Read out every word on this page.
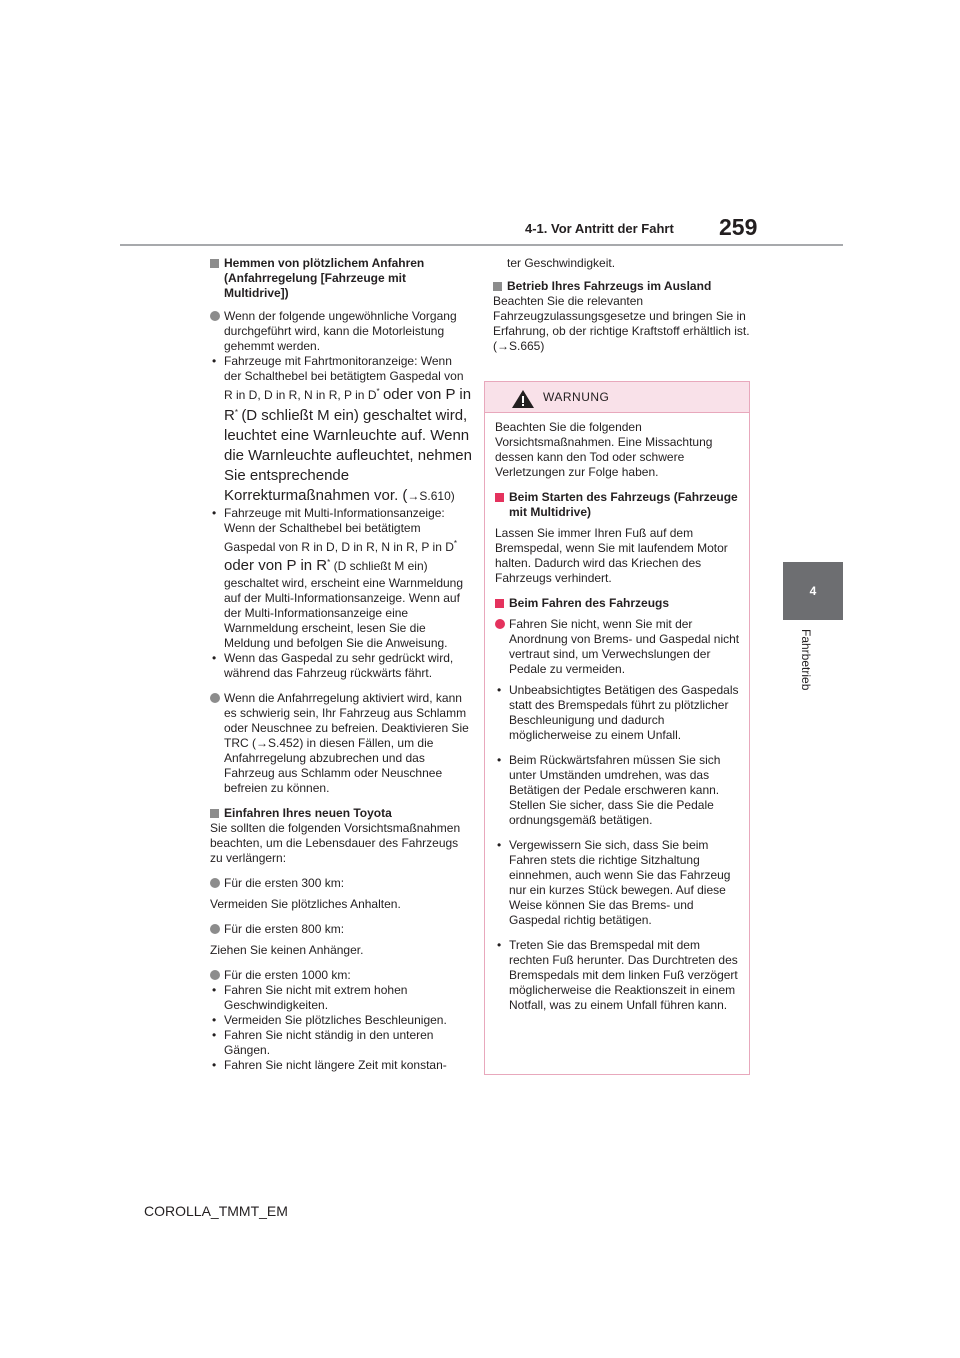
4-1. Vor Antritt der Fahrt 259
4
Fahrbetrieb

Hemmen von plötzlichem Anfahren (Anfahrregelung [Fahrzeuge mit Multidrive])

Wenn der folgende ungewöhnliche Vorgang durchgeführt wird, kann die Motorleistung gehemmt werden.

• Fahrzeuge mit Fahrtmonitoranzeige: Wenn der Schalthebel bei betätigtem Gaspedal von R in D, D in R, N in R, P in D* oder von P in R* (D schließt M ein) geschaltet wird, leuchtet eine Warnleuchte auf. Wenn die Warnleuchte aufleuchtet, nehmen Sie entsprechende Korrekturmaßnahmen vor. (→S.610)

• Fahrzeuge mit Multi-Informationsanzeige: Wenn der Schalthebel bei betätigtem Gaspedal von R in D, D in R, N in R, P in D* oder von P in R* (D schließt M ein) geschaltet wird, erscheint eine Warnmeldung auf der Multi-Informationsanzeige. Wenn auf der Multi-Informationsanzeige eine Warnmeldung erscheint, lesen Sie die Meldung und befolgen Sie die Anweisung.

• Wenn das Gaspedal zu sehr gedrückt wird, während das Fahrzeug rückwärts fährt.

Wenn die Anfahrregelung aktiviert wird, kann es schwierig sein, Ihr Fahrzeug aus Schlamm oder Neuschnee zu befreien. Deaktivieren Sie TRC (→S.452) in diesen Fällen, um die Anfahrregelung abzubrechen und das Fahrzeug aus Schlamm oder Neuschnee befreien zu können.

Einfahren Ihres neuen Toyota

Sie sollten die folgenden Vorsichtsmaßnahmen beachten, um die Lebensdauer des Fahrzeugs zu verlängern:

Für die ersten 300 km:

Vermeiden Sie plötzliches Anhalten.

Für die ersten 800 km:

Ziehen Sie keinen Anhänger.

Für die ersten 1000 km:

• Fahren Sie nicht mit extrem hohen Geschwindigkeiten.

• Vermeiden Sie plötzliches Beschleunigen.

• Fahren Sie nicht ständig in den unteren Gängen.

• Fahren Sie nicht längere Zeit mit konstan-

ter Geschwindigkeit.

Betrieb Ihres Fahrzeugs im Ausland

Beachten Sie die relevanten Fahrzeugzulassungsgesetze und bringen Sie in Erfahrung, ob der richtige Kraftstoff erhältlich ist.

(→S.665)

WARNUNG

Beachten Sie die folgenden Vorsichtsmaßnahmen. Eine Missachtung dessen kann den Tod oder schwere Verletzungen zur Folge haben.

Beim Starten des Fahrzeugs (Fahrzeuge mit Multidrive)

Lassen Sie immer Ihren Fuß auf dem Bremspedal, wenn Sie mit laufendem Motor halten. Dadurch wird das Kriechen des Fahrzeugs verhindert.

Beim Fahren des Fahrzeugs

Fahren Sie nicht, wenn Sie mit der Anordnung von Brems- und Gaspedal nicht vertraut sind, um Verwechslungen der Pedale zu vermeiden.

• Unbeabsichtigtes Betätigen des Gaspedals statt des Bremspedals führt zu plötzlicher Beschleunigung und dadurch möglicherweise zu einem Unfall.

• Beim Rückwärtsfahren müssen Sie sich unter Umständen umdrehen, was das Betätigen der Pedale erschweren kann. Stellen Sie sicher, dass Sie die Pedale ordnungsgemäß betätigen.

• Vergewissern Sie sich, dass Sie beim Fahren stets die richtige Sitzhaltung einnehmen, auch wenn Sie das Fahrzeug nur ein kurzes Stück bewegen. Auf diese Weise können Sie das Brems- und Gaspedal richtig betätigen.

• Treten Sie das Bremspedal mit dem rechten Fuß herunter. Das Durchtreten des Bremspedals mit dem linken Fuß verzögert möglicherweise die Reaktionszeit in einem Notfall, was zu einem Unfall führen kann.

COROLLA_TMMT_EM
